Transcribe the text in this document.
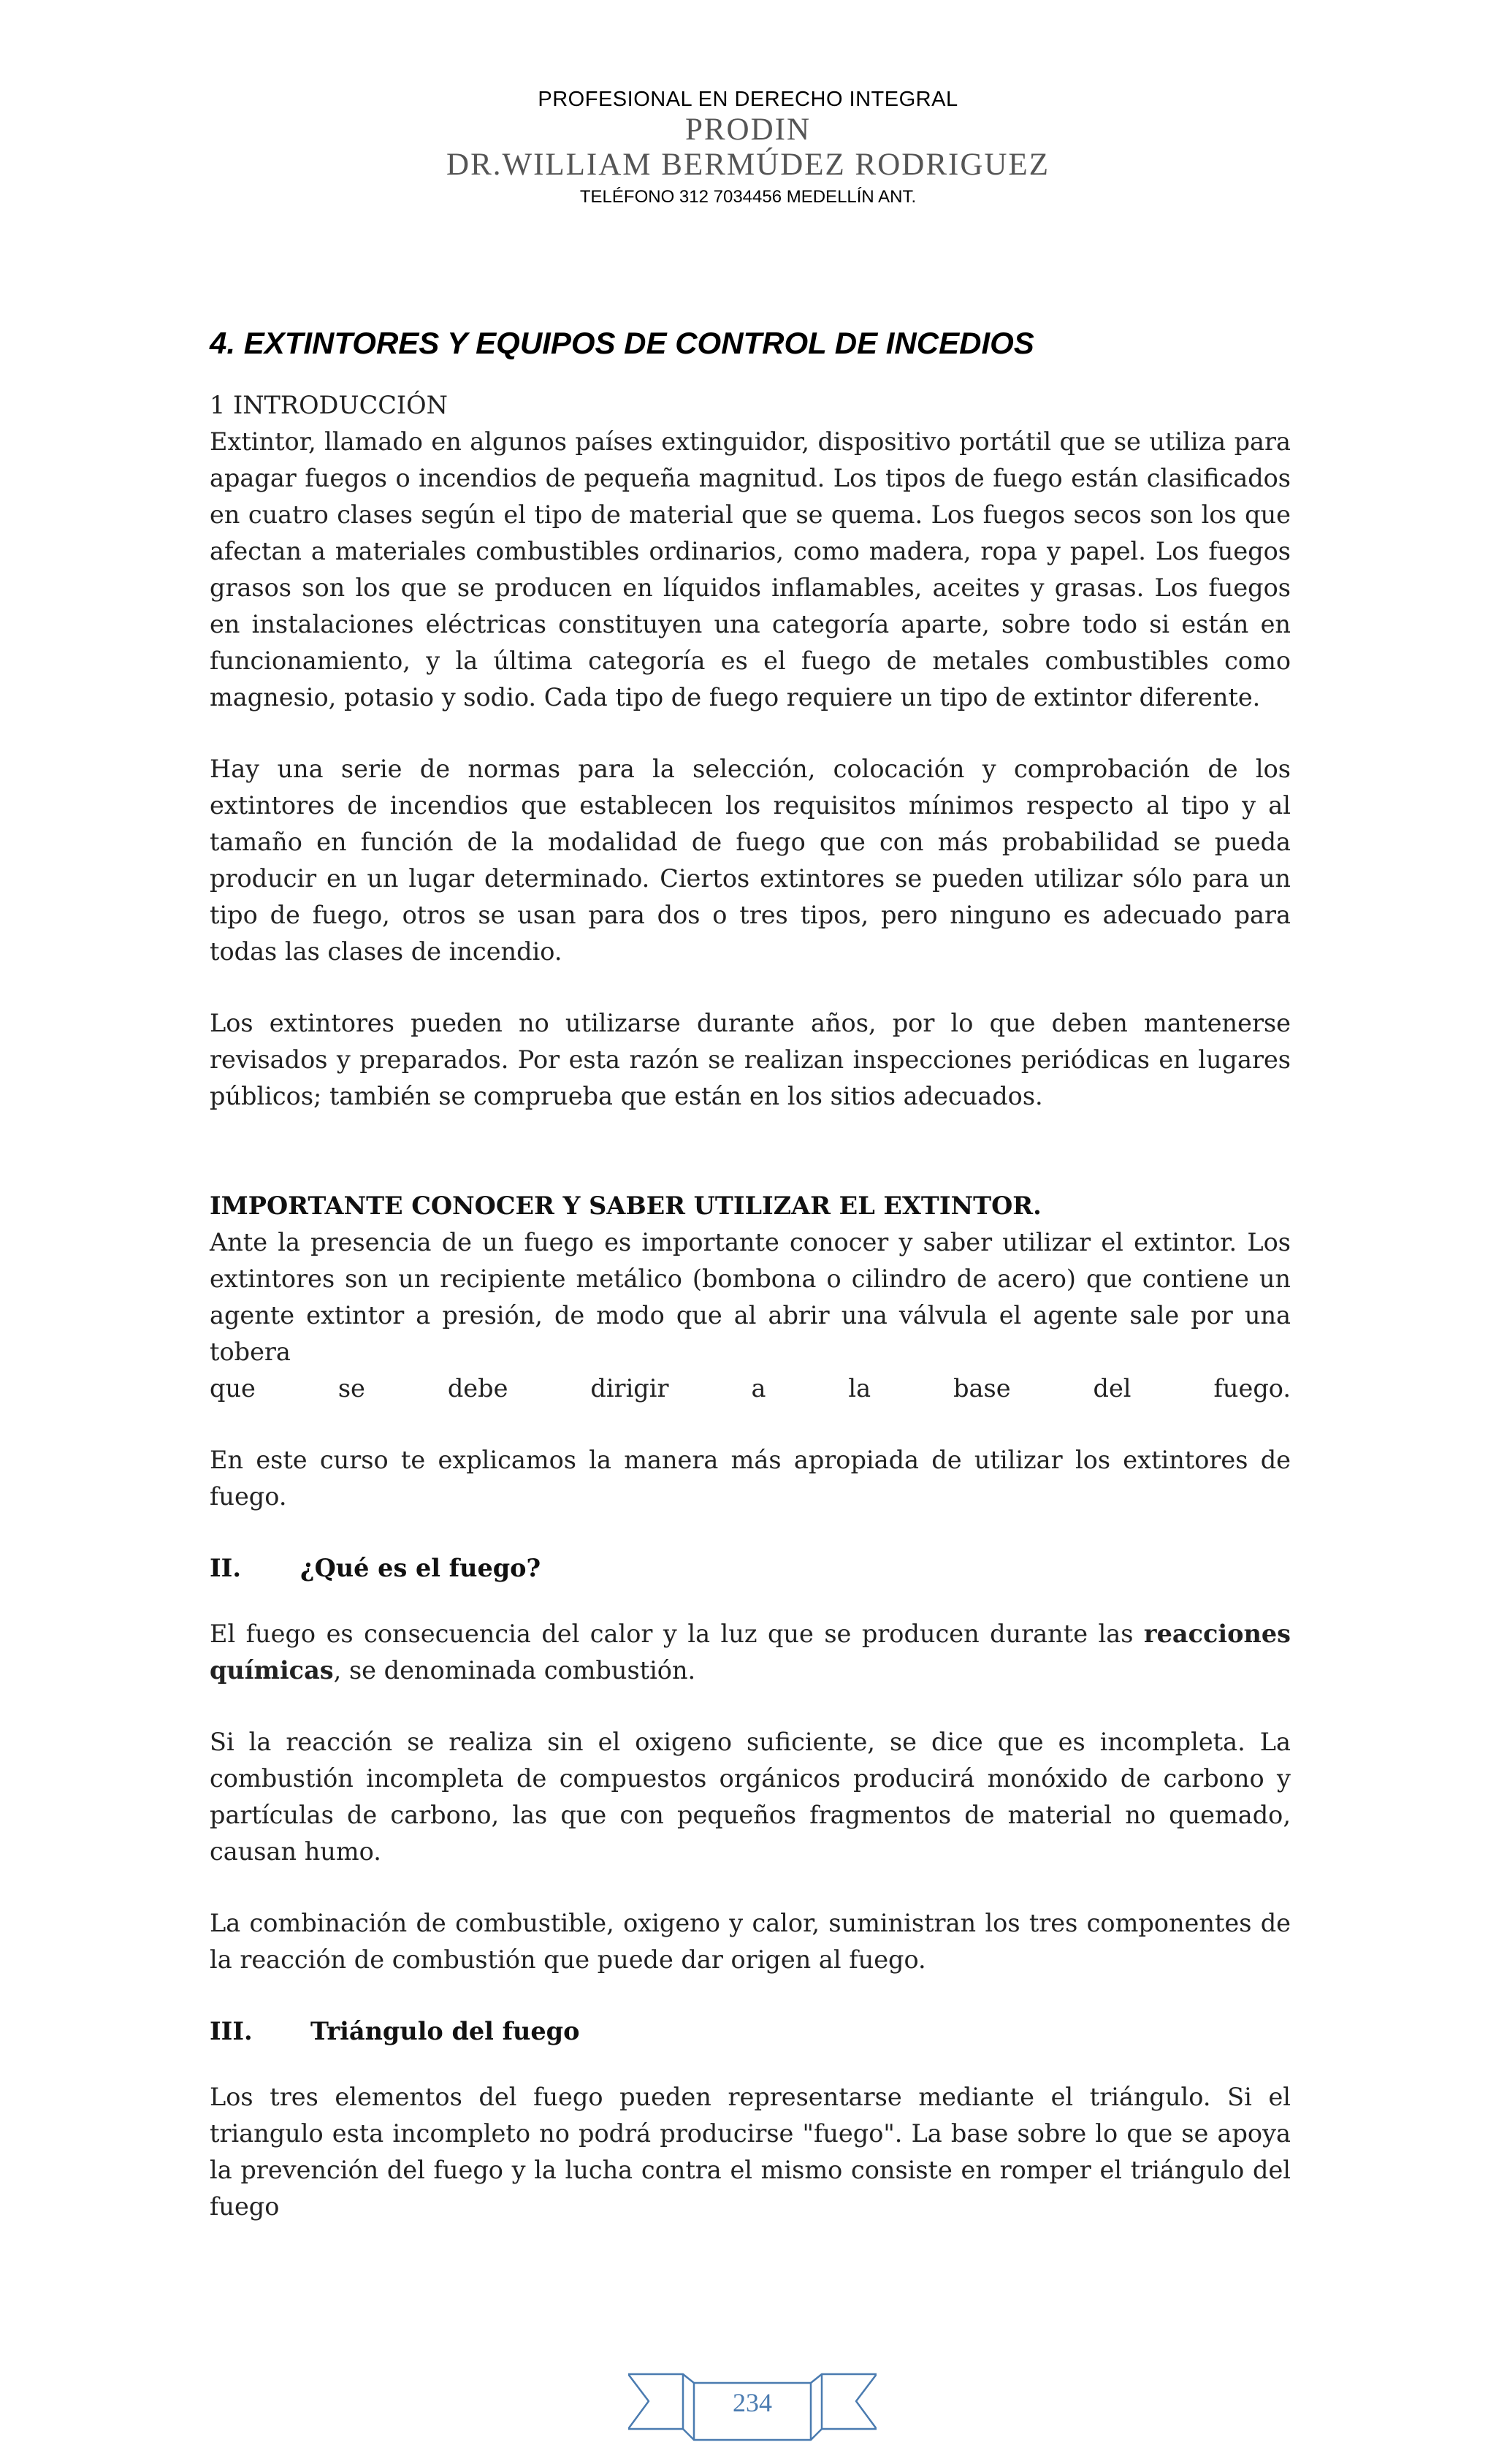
PROFESIONAL EN DERECHO INTEGRAL
PRODIN
DR.WILLIAM BERMÚDEZ RODRIGUEZ
TELÉFONO 312 7034456 MEDELLÍN ANT.
4. EXTINTORES Y EQUIPOS DE CONTROL DE INCEDIOS

1 INTRODUCCIÓN

Extintor, llamado en algunos países extinguidor, dispositivo portátil que se utiliza para apagar fuegos o incendios de pequeña magnitud. Los tipos de fuego están clasificados en cuatro clases según el tipo de material que se quema. Los fuegos secos son los que afectan a materiales combustibles ordinarios, como madera, ropa y papel. Los fuegos grasos son los que se producen en líquidos inflamables, aceites y grasas. Los fuegos en instalaciones eléctricas constituyen una categoría aparte, sobre todo si están en funcionamiento, y la última categoría es el fuego de metales combustibles como magnesio, potasio y sodio. Cada tipo de fuego requiere un tipo de extintor diferente.

Hay una serie de normas para la selección, colocación y comprobación de los extintores de incendios que establecen los requisitos mínimos respecto al tipo y al tamaño en función de la modalidad de fuego que con más probabilidad se pueda producir en un lugar determinado. Ciertos extintores se pueden utilizar sólo para un tipo de fuego, otros se usan para dos o tres tipos, pero ninguno es adecuado para todas las clases de incendio.

Los extintores pueden no utilizarse durante años, por lo que deben mantenerse revisados y preparados. Por esta razón se realizan inspecciones periódicas en lugares públicos; también se comprueba que están en los sitios adecuados.

IMPORTANTE CONOCER Y SABER UTILIZAR EL EXTINTOR.

Ante la presencia de un fuego es importante conocer y saber utilizar el extintor. Los extintores son un recipiente metálico (bombona o cilindro de acero) que contiene un agente extintor a presión, de modo que al abrir una válvula el agente sale por una tobera

que se debe dirigir a la base del fuego.

En este curso te explicamos la manera más apropiada de utilizar los extintores de fuego.

II.	¿Qué es el fuego?

El fuego es consecuencia del calor y la luz que se producen durante las reacciones químicas, se denominada combustión.

Si la reacción se realiza sin el oxigeno suficiente, se dice que es incompleta. La combustión incompleta de compuestos orgánicos producirá monóxido de carbono y partículas de carbono, las que con pequeños fragmentos de material no quemado, causan humo.

La combinación de combustible, oxigeno y calor, suministran los tres componentes de la reacción de combustión que puede dar origen al fuego.

III.	Triángulo del fuego

Los tres elementos del fuego pueden representarse mediante el triángulo. Si el triangulo esta incompleto no podrá producirse "fuego". La base sobre lo que se apoya la prevención del fuego y la lucha contra el mismo consiste en romper el triángulo del fuego

234
